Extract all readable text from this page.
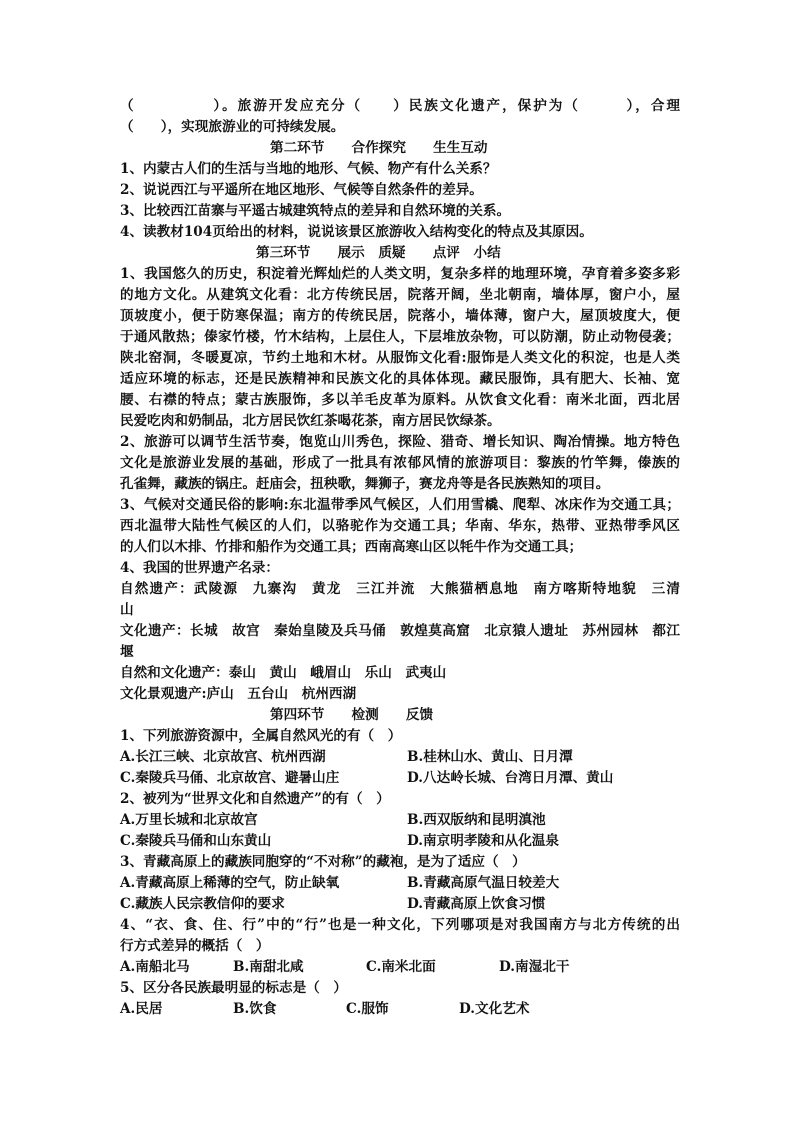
（　　　　　）。旅游开发应充分（　　）民族文化遗产，保护为（　　　），合理
（　　），实现旅游业的可持续发展。
第二环节　　合作探究　　生生互动
1、内蒙古人们的生活与当地的地形、气候、物产有什么关系？
2、说说西江与平遥所在地区地形、气候等自然条件的差异。
3、比较西江苗寨与平遥古城建筑特点的差异和自然环境的关系。
4、读教材104页给出的材料，说说该景区旅游收入结构变化的特点及其原因。
第三环节　　展示　质疑　　点评　小结
1、我国悠久的历史，积淀着光辉灿烂的人类文明，复杂多样的地理环境，孕育着多姿多彩
的地方文化。从建筑文化看：北方传统民居，院落开阔，坐北朝南，墙体厚，窗户小，屋
顶坡度小，便于防寒保温；南方的传统民居，院落小，墙体薄，窗户大，屋顶坡度大，便
于通风散热；傣家竹楼，竹木结构，上层住人，下层堆放杂物，可以防潮，防止动物侵袭；
陕北窑洞，冬暖夏凉，节约土地和木材。从服饰文化看:服饰是人类文化的积淀，也是人类
适应环境的标志，还是民族精神和民族文化的具体体现。藏民服饰，具有肥大、长袖、宽
腰、右襟的特点；蒙古族服饰，多以羊毛皮革为原料。从饮食文化看：南米北面，西北居
民爱吃肉和奶制品，北方居民饮红茶喝花茶，南方居民饮绿茶。
2、旅游可以调节生活节奏，饱览山川秀色，探险、猎奇、增长知识、陶冶情操。地方特色
文化是旅游业发展的基础，形成了一批具有浓郁风情的旅游项目：黎族的竹竿舞，傣族的
孔雀舞，藏族的锅庄。赶庙会，扭秧歌，舞狮子，赛龙舟等是各民族熟知的项目。
3、气候对交通民俗的影响:东北温带季风气候区，人们用雪橇、爬犁、冰床作为交通工具；
西北温带大陆性气候区的人们，以骆驼作为交通工具；华南、华东，热带、亚热带季风区
的人们以木排、竹排和船作为交通工具；西南高寒山区以牦牛作为交通工具；
4、我国的世界遗产名录：
自然遗产：武陵源　九寨沟　黄龙　三江并流　大熊猫栖息地　南方喀斯特地貌　三清
山
文化遗产：长城　故宫　秦始皇陵及兵马俑　敦煌莫高窟　北京猿人遗址　苏州园林　都江
堰
自然和文化遗产：泰山　黄山　峨眉山　乐山　武夷山
文化景观遗产:庐山　五台山　杭州西湖
第四环节　　检测　　反馈
1、下列旅游资源中，全属自然风光的有（　）
A.长江三峡、北京故宫、杭州西湖	B.桂林山水、黄山、日月潭
C.秦陵兵马俑、北京故宫、避暑山庄	D.八达岭长城、台湾日月潭、黄山
2、被列为“世界文化和自然遗产”的有（　）
A.万里长城和北京故宫	B.西双版纳和昆明滇池
C.秦陵兵马俑和山东黄山	D.南京明孝陵和从化温泉
3、青藏高原上的藏族同胞穿的“不对称”的藏袍，是为了适应（　）
A.青藏高原上稀薄的空气，防止缺氧	B.青藏高原气温日较差大
C.藏族人民宗教信仰的要求	D.青藏高原上饮食习惯
4、“衣、食、住、行”中的“行”也是一种文化，下列哪项是对我国南方与北方传统的出
行方式差异的概括（　）
A.南船北马	B.南甜北咸	C.南米北面	D.南湿北干
5、区分各民族最明显的标志是（　）
A.民居	B.饮食	C.服饰	D.文化艺术
